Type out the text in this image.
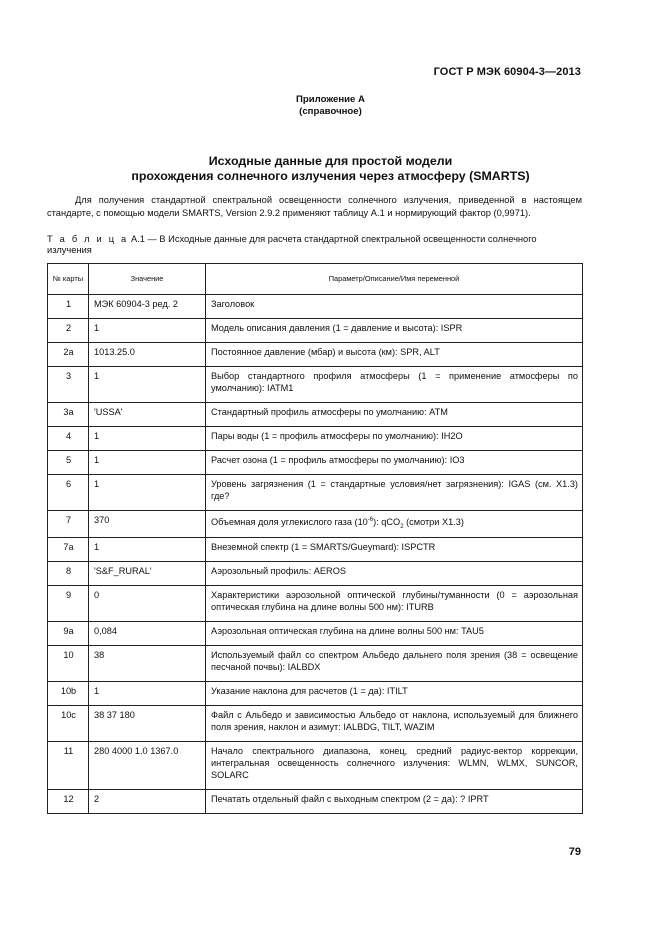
ГОСТ Р МЭК 60904-3—2013
Приложение А
(справочное)
Исходные данные для простой модели
прохождения солнечного излучения через атмосферу (SMARTS)

Для получения стандартной спектральной освещенности солнечного излучения, приведенной в настоящем стандарте, с помощью модели SMARTS, Version 2.9.2 применяют таблицу А.1 и нормирующий фактор (0,9971).

Т а б л и ц а А.1 — В Исходные данные для расчета стандартной спектральной освещенности солнечного излучения
№ карты	Значение	Параметр/Описание/Имя переменной
1	МЭК 60904-3 ред. 2	Заголовок
2	1	Модель описания давления (1 = давление и высота): ISPR
2a	1013.25.0	Постоянное давление (мбар) и высота (км): SPR, ALT
3	1	Выбор стандартного профиля атмосферы (1 = применение атмосферы по умолчанию): IATM1
3a	'USSA'	Стандартный профиль атмосферы по умолчанию: ATM
4	1	Пары воды (1 = профиль атмосферы по умолчанию): IH2O
5	1	Расчет озона (1 = профиль атмосферы по умолчанию): IO3
6	1	Уровень загрязнения (1 = стандартные условия/нет загрязнения): IGAS (см. Х1.3) где?
7	370	Объемная доля углекислого газа $(10^{-6})$: qCO$_2$ (смотри X1.3)
7a	1	Внеземной спектр (1 = SMARTS/Gueymard): ISPCTR
8	'S&F_RURAL'	Аэрозольный профиль: AEROS
9	0	Характеристики аэрозольной оптической глубины/туманности (0 = аэрозольная оптическая глубина на длине волны 500 нм): ITURB
9a	0,084	Аэрозольная оптическая глубина на длине волны 500 нм: TAU5
10	38	Используемый файл со спектром Альбедо дальнего поля зрения (38 = освещение песчаной почвы): IALBDX
10b	1	Указание наклона для расчетов (1 = да): ITILT
10c	38 37 180	Файл с Альбедо и зависимостью Альбедо от наклона, используемый для ближнего поля зрения, наклон и азимут: IALBDG, TILT, WAZIM
11	280 4000 1.0 1367.0	Начало спектрального диапазона, конец, средний радиус-вектор коррекции, интегральная освещенность солнечного излучения: WLMN, WLMX, SUNCOR, SOLARC
12	2	Печатать отдельный файл с выходным спектром (2 = да): ? IPRT
79
